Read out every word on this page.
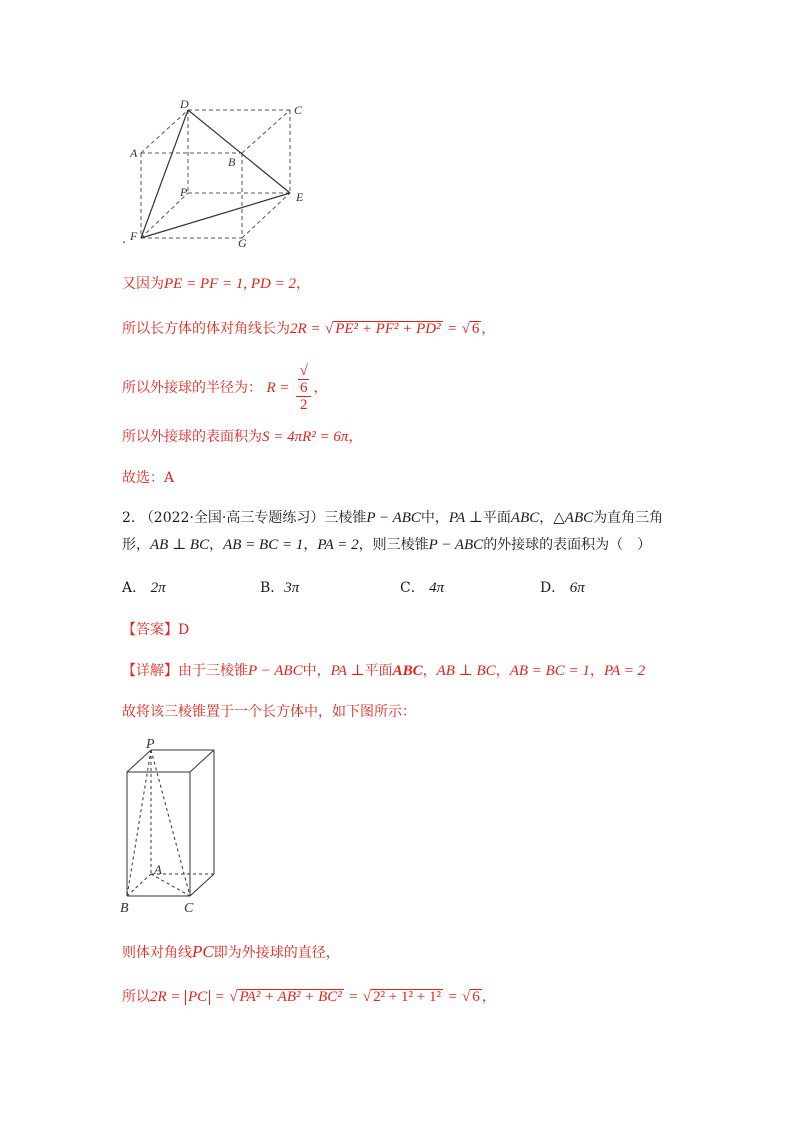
D	C
A
B
P	E
F	G
.
又因为PE = PF = 1, PD = 2，
所以长方体的体对角线长为2R = √ PE² + PF² + PD² = √ 6 ，
所以外接球的半径为： R = √
6
2 ，
所以外接球的表面积为S = 4πR² = 6π，
故选：A
2. （2022·全国·高三专题练习）三棱锥P − ABC中，PA ⊥平面ABC，△ABC为直角三角
形，AB ⊥ BC，AB = BC = 1，PA = 2，则三棱锥P − ABC的外接球的表面积为（　）
A． 2π	B．3π	C． 4π	D． 6π
【答案】D
【详解】由于三棱锥P − ABC中，PA ⊥平面ABC，AB ⊥ BC，AB = BC = 1，PA = 2
故将该三棱锥置于一个长方体中，如下图所示：
P
A
B	C
则体对角线PC即为外接球的直径，
所以2R = PC = √ PA² + AB² + BC² = √ 2² + 1² + 1² = √ 6 ，
